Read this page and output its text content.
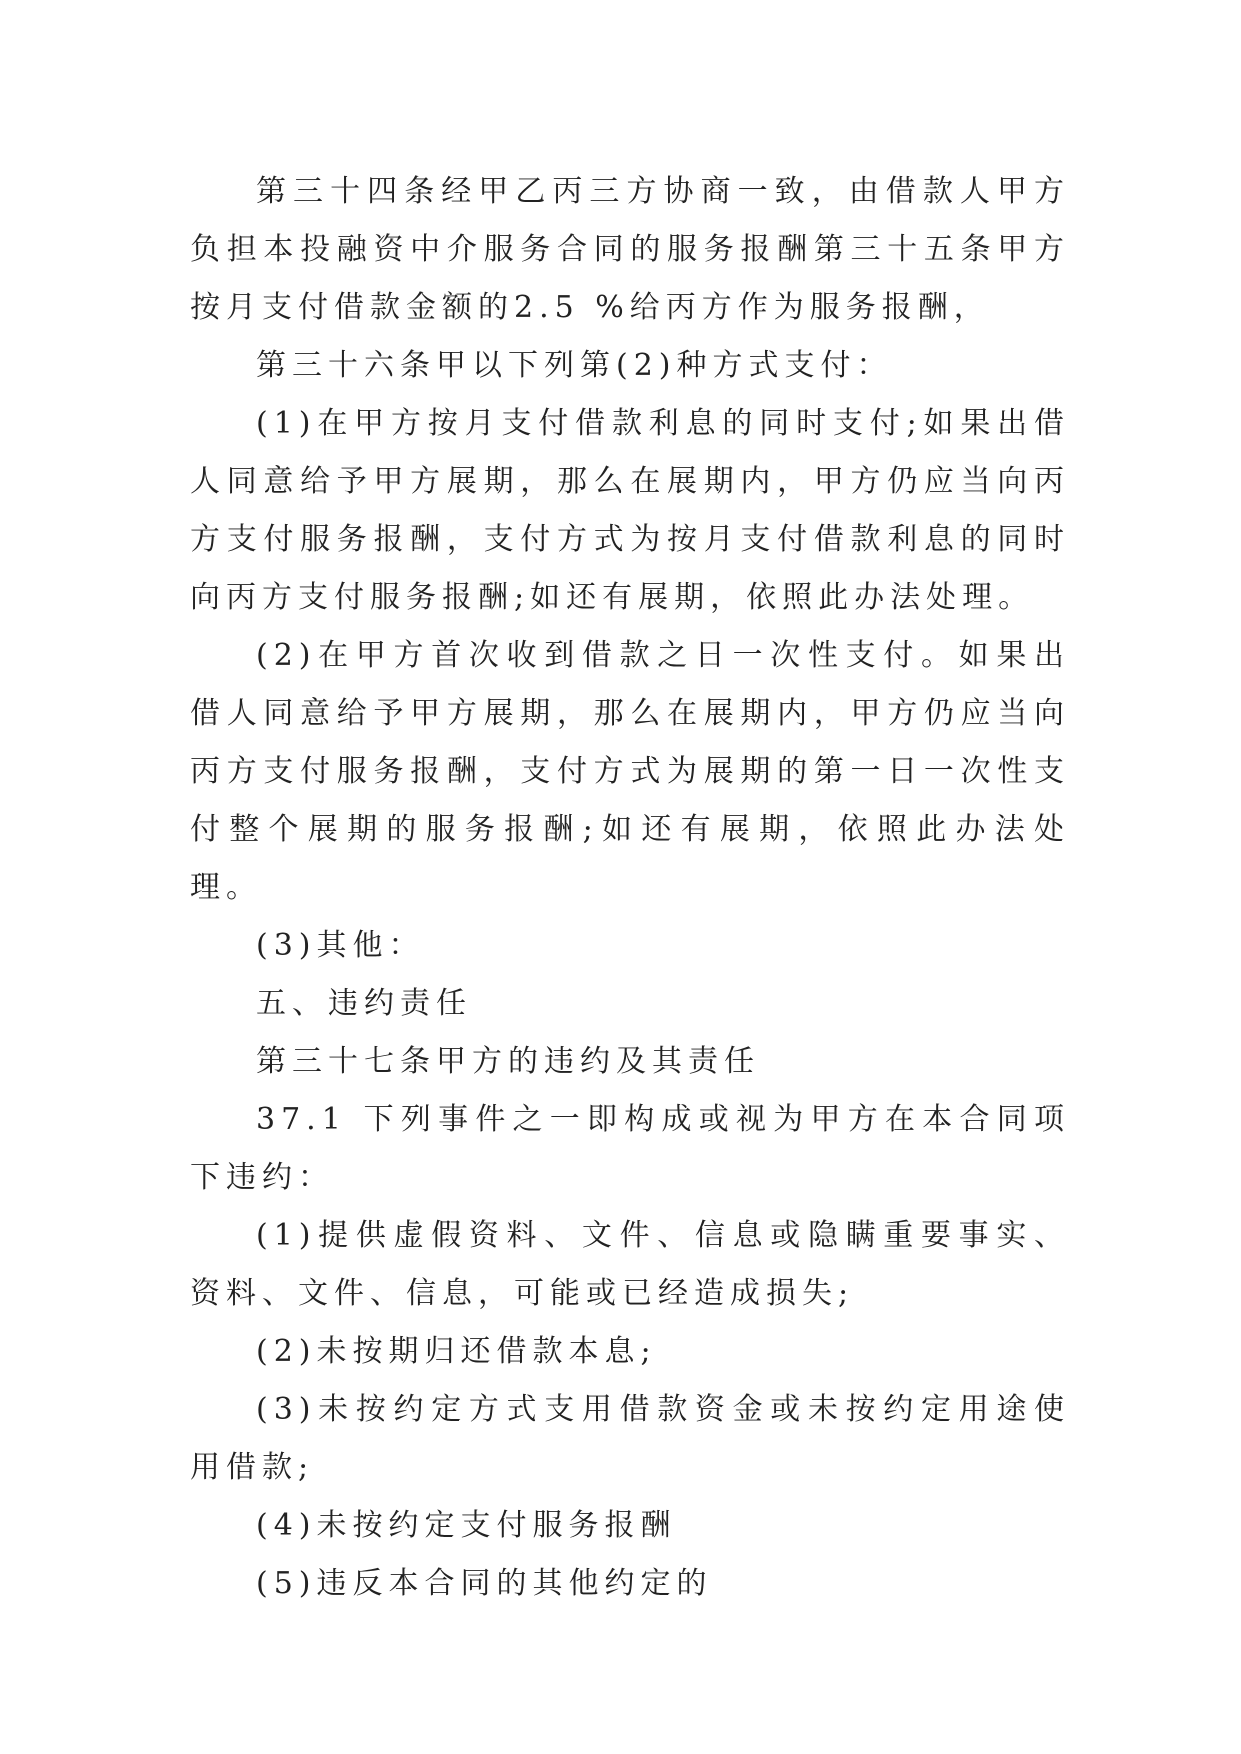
第三十四条经甲乙丙三方协商一致，由借款人甲方负担本投融资中介服务合同的服务报酬第三十五条甲方按月支付借款金额的2.5 %给丙方作为服务报酬，

第三十六条甲以下列第(2)种方式支付：

(1)在甲方按月支付借款利息的同时支付;如果出借人同意给予甲方展期，那么在展期内，甲方仍应当向丙方支付服务报酬，支付方式为按月支付借款利息的同时向丙方支付服务报酬;如还有展期，依照此办法处理。

(2)在甲方首次收到借款之日一次性支付。如果出借人同意给予甲方展期，那么在展期内，甲方仍应当向丙方支付服务报酬，支付方式为展期的第一日一次性支付整个展期的服务报酬;如还有展期，依照此办法处理。

(3)其他：

五、违约责任

第三十七条甲方的违约及其责任

37.1 下列事件之一即构成或视为甲方在本合同项下违约：

(1)提供虚假资料、文件、信息或隐瞒重要事实、资料、文件、信息，可能或已经造成损失;

(2)未按期归还借款本息;

(3)未按约定方式支用借款资金或未按约定用途使用借款;

(4)未按约定支付服务报酬

(5)违反本合同的其他约定的
